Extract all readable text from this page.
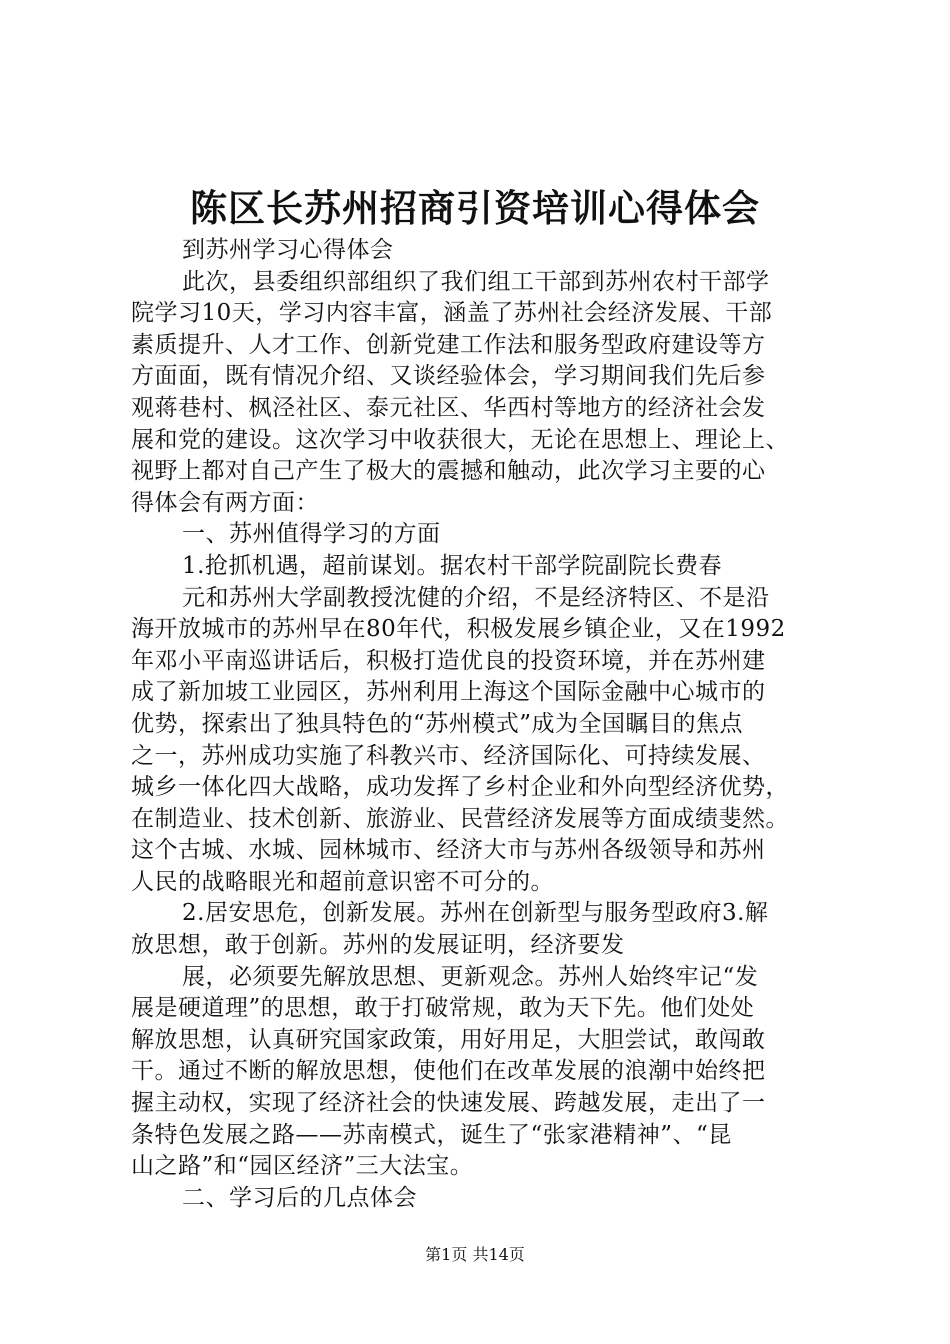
陈区长苏州招商引资培训心得体会
到苏州学习心得体会
此次，县委组织部组织了我们组工干部到苏州农村干部学
院学习10天，学习内容丰富，涵盖了苏州社会经济发展、干部
素质提升、人才工作、创新党建工作法和服务型政府建设等方
方面面，既有情况介绍、又谈经验体会，学习期间我们先后参
观蒋巷村、枫泾社区、泰元社区、华西村等地方的经济社会发
展和党的建设。这次学习中收获很大，无论在思想上、理论上、
视野上都对自己产生了极大的震撼和触动，此次学习主要的心
得体会有两方面：
一、苏州值得学习的方面
1.抢抓机遇，超前谋划。据农村干部学院副院长费春
元和苏州大学副教授沈健的介绍，不是经济特区、不是沿
海开放城市的苏州早在80年代，积极发展乡镇企业，又在1992
年邓小平南巡讲话后，积极打造优良的投资环境，并在苏州建
成了新加坡工业园区，苏州利用上海这个国际金融中心城市的
优势，探索出了独具特色的“苏州模式”成为全国瞩目的焦点
之一，苏州成功实施了科教兴市、经济国际化、可持续发展、
城乡一体化四大战略，成功发挥了乡村企业和外向型经济优势，
在制造业、技术创新、旅游业、民营经济发展等方面成绩斐然。
这个古城、水城、园林城市、经济大市与苏州各级领导和苏州
人民的战略眼光和超前意识密不可分的。
2.居安思危，创新发展。苏州在创新型与服务型政府3.解
放思想，敢于创新。苏州的发展证明，经济要发
展，必须要先解放思想、更新观念。苏州人始终牢记“发
展是硬道理”的思想，敢于打破常规，敢为天下先。他们处处
解放思想，认真研究国家政策，用好用足，大胆尝试，敢闯敢
干。通过不断的解放思想，使他们在改革发展的浪潮中始终把
握主动权，实现了经济社会的快速发展、跨越发展，走出了一
条特色发展之路——苏南模式，诞生了“张家港精神”、“昆
山之路”和“园区经济”三大法宝。
二、学习后的几点体会
第1页 共14页
